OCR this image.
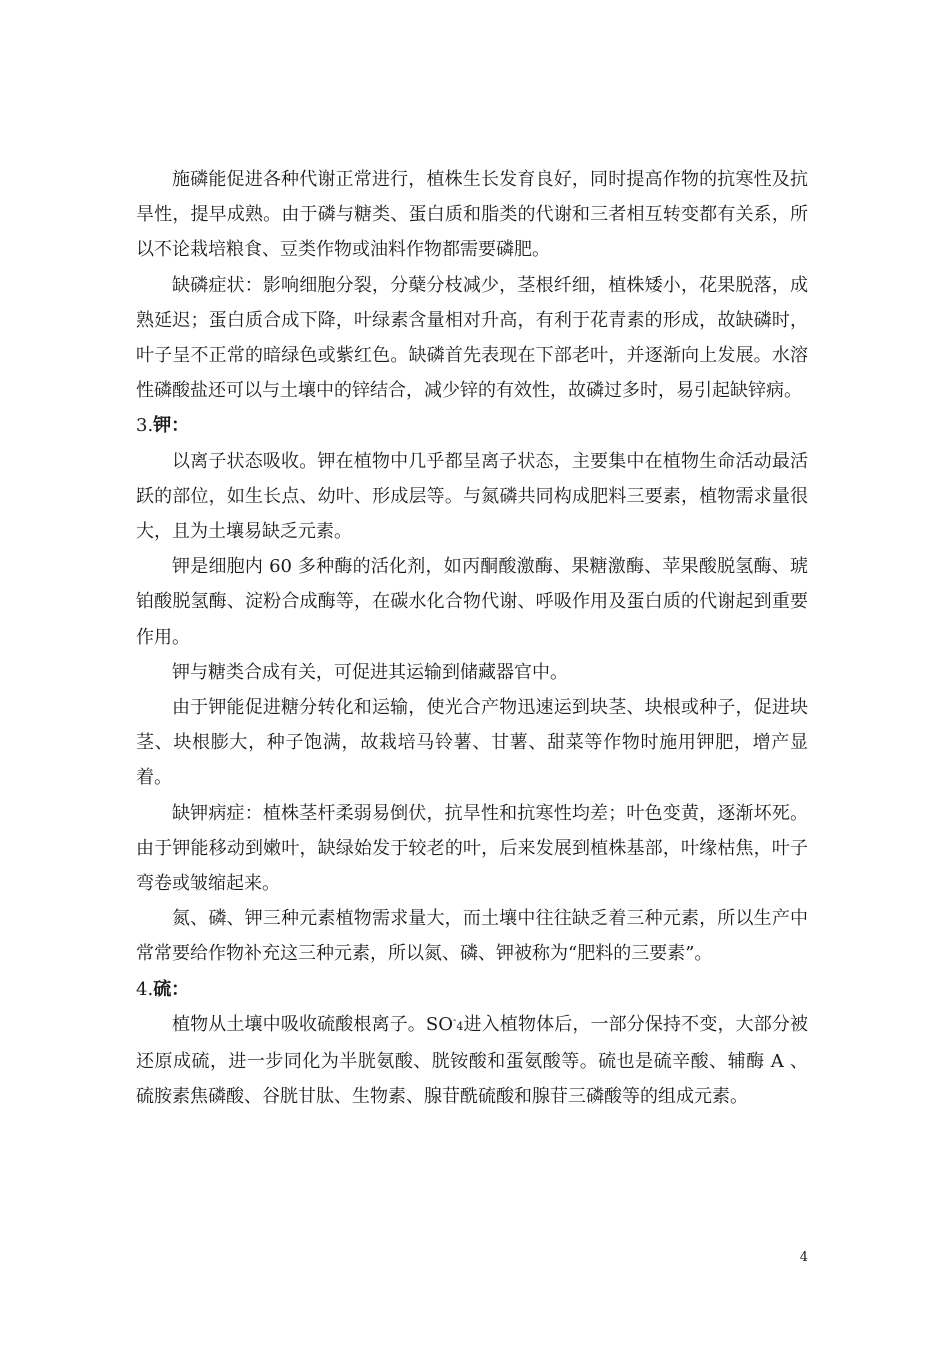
施磷能促进各种代谢正常进行，植株生长发育良好，同时提高作物的抗寒性及抗旱性，提早成熟。由于磷与糖类、蛋白质和脂类的代谢和三者相互转变都有关系，所以不论栽培粮食、豆类作物或油料作物都需要磷肥。

缺磷症状：影响细胞分裂，分蘖分枝减少，茎根纤细，植株矮小，花果脱落，成熟延迟；蛋白质合成下降，叶绿素含量相对升高，有利于花青素的形成，故缺磷时，叶子呈不正常的暗绿色或紫红色。缺磷首先表现在下部老叶，并逐渐向上发展。水溶性磷酸盐还可以与土壤中的锌结合，减少锌的有效性，故磷过多时，易引起缺锌病。

3.钾：

以离子状态吸收。钾在植物中几乎都呈离子状态，主要集中在植物生命活动最活跃的部位，如生长点、幼叶、形成层等。与氮磷共同构成肥料三要素，植物需求量很大，且为土壤易缺乏元素。

钾是细胞内 60 多种酶的活化剂，如丙酮酸激酶、果糖激酶、苹果酸脱氢酶、琥铂酸脱氢酶、淀粉合成酶等，在碳水化合物代谢、呼吸作用及蛋白质的代谢起到重要作用。

钾与糖类合成有关，可促进其运输到储藏器官中。

由于钾能促进糖分转化和运输，使光合产物迅速运到块茎、块根或种子，促进块茎、块根膨大，种子饱满，故栽培马铃薯、甘薯、甜菜等作物时施用钾肥，增产显着。

缺钾病症：植株茎杆柔弱易倒伏，抗旱性和抗寒性均差；叶色变黄，逐渐坏死。由于钾能移动到嫩叶，缺绿始发于较老的叶，后来发展到植株基部，叶缘枯焦，叶子弯卷或皱缩起来。

氮、磷、钾三种元素植物需求量大，而土壤中往往缺乏着三种元素，所以生产中常常要给作物补充这三种元素，所以氮、磷、钾被称为“肥料的三要素”。

4.硫：

植物从土壤中吸收硫酸根离子。SO-4进入植物体后，一部分保持不变，大部分被还原成硫，进一步同化为半胱氨酸、胱铵酸和蛋氨酸等。硫也是硫辛酸、辅酶 A 、硫胺素焦磷酸、谷胱甘肽、生物素、腺苷酰硫酸和腺苷三磷酸等的组成元素。

4
